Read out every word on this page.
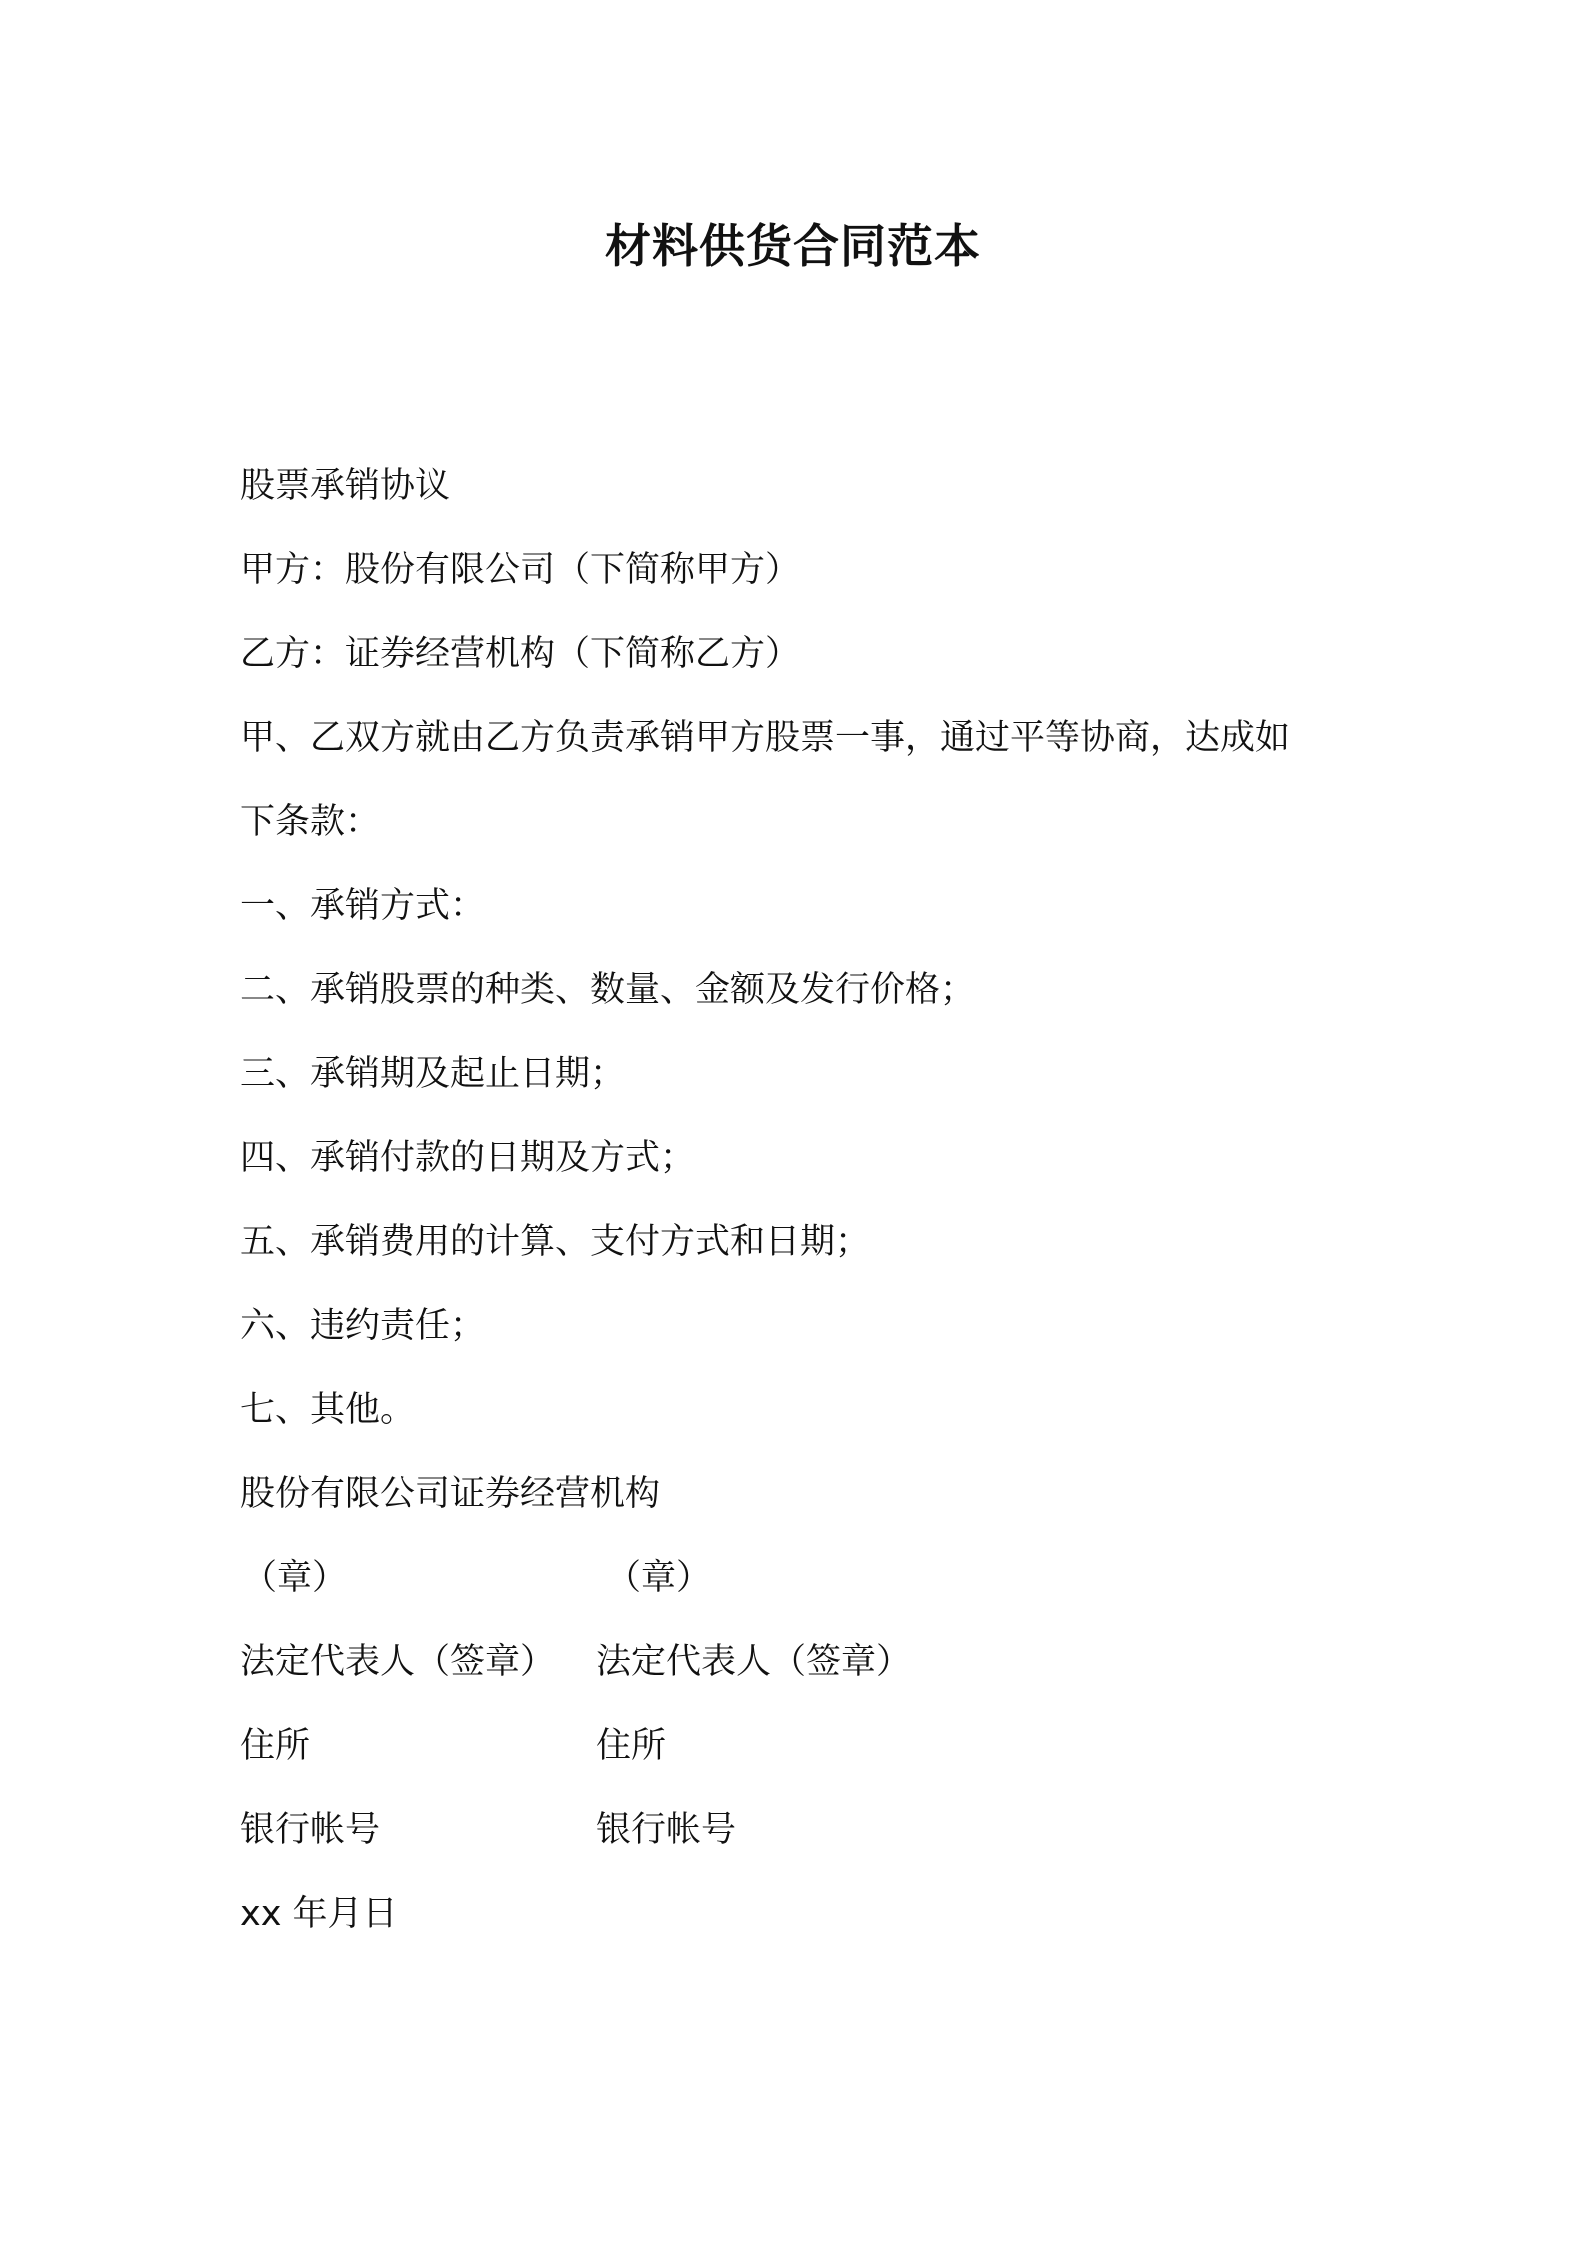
材料供货合同范本
股票承销协议
甲方：股份有限公司（下简称甲方）
乙方：证券经营机构（下简称乙方）
甲、乙双方就由乙方负责承销甲方股票一事，通过平等协商，达成如
下条款：
一、承销方式：
二、承销股票的种类、数量、金额及发行价格；
三、承销期及起止日期；
四、承销付款的日期及方式；
五、承销费用的计算、支付方式和日期；
六、违约责任；
七、其他。
股份有限公司证券经营机构
（章）	（章）
法定代表人（签章） 法定代表人（签章）
住所	住所
银行帐号	银行帐号
xx 年月日
